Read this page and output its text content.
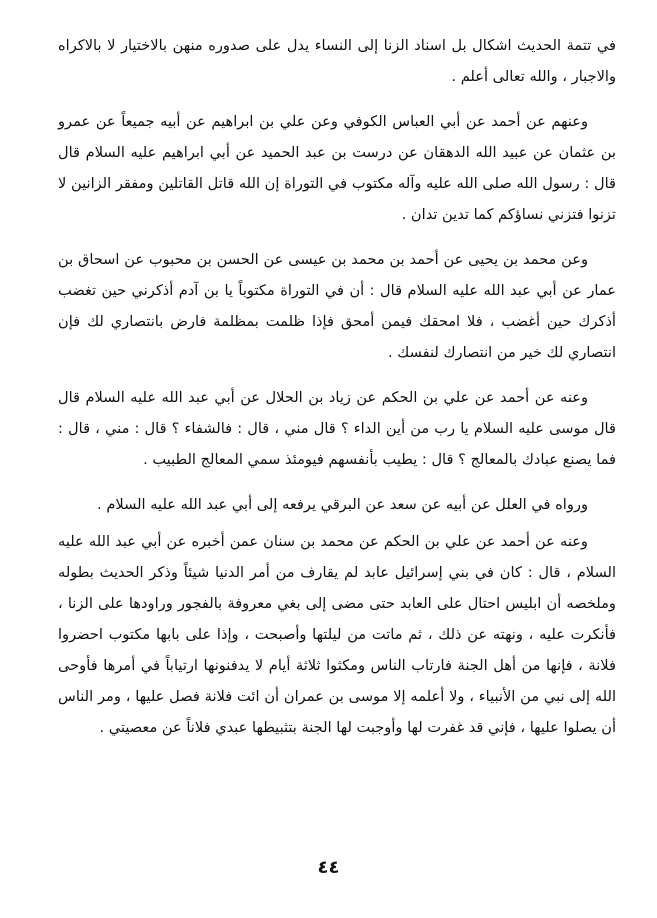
في تتمة الحديث اشكال بل اسناد الزنا إلى النساء يدل على صدوره منهن بالاختيار لا بالاكراه والاجبار ، والله تعالى أعلم .

وعنهم عن أحمد عن أبي العباس الكوفي وعن علي بن ابراهيم عن أبيه جميعاً عن عمرو بن عثمان عن عبيد الله الدهقان عن درست بن عبد الحميد عن أبي ابراهيم عليه السلام قال قال : رسول الله صلى الله عليه وآله مكتوب في التوراة إن الله قاتل القاتلين ومفقر الزانين لا تزنوا فتزني نساؤكم كما تدين تدان .

وعن محمد بن يحيى عن أحمد بن محمد بن عيسى عن الحسن بن محبوب عن اسحاق بن عمار عن أبي عبد الله عليه السلام قال : أن في التوراة مكتوباً يا بن آدم أذكرني حين تغضب أذكرك حين أغضب ، فلا امحقك فيمن أمحق فإذا ظلمت بمظلمة فارض بانتصاري لك فإن انتصاري لك خير من انتصارك لنفسك .

وعنه عن أحمد عن علي بن الحكم عن زياد بن الحلال عن أبي عبد الله عليه السلام قال قال موسى عليه السلام يا رب من أين الداء ؟ قال مني ، قال : فالشفاء ؟ قال : مني ، قال : فما يصنع عبادك بالمعالج ؟ قال : يطيب بأنفسهم فيومئذ سمي المعالج الطبيب .

ورواه في العلل عن أبيه عن سعد عن البرقي يرفعه إلى أبي عبد الله عليه السلام .

وعنه عن أحمد عن علي بن الحكم عن محمد بن سنان عمن أخبره عن أبي عبد الله عليه السلام ، قال : كان في بني إسرائيل عابد لم يقارف من أمر الدنيا شيئاً وذكر الحديث بطوله وملخصه أن ابليس احتال على العابد حتى مضى إلى بغي معروفة بالفجور وراودها على الزنا ، فأنكرت عليه ، ونهته عن ذلك ، ثم ماتت من ليلتها وأصبحت ، وإذا على بابها مكتوب احضروا فلانة ، فإنها من أهل الجنة فارتاب الناس ومكثوا ثلاثة أيام لا يدفنونها ارتياباً في أمرها فأوحى الله إلى نبي من الأنبياء ، ولا أعلمه إلا موسى بن عمران أن ائت فلانة فصل عليها ، ومر الناس أن يصلوا عليها ، فإني قد غفرت لها وأوجبت لها الجنة بتثبيطها عبدي فلاناً عن معصيتي .

٤٤
